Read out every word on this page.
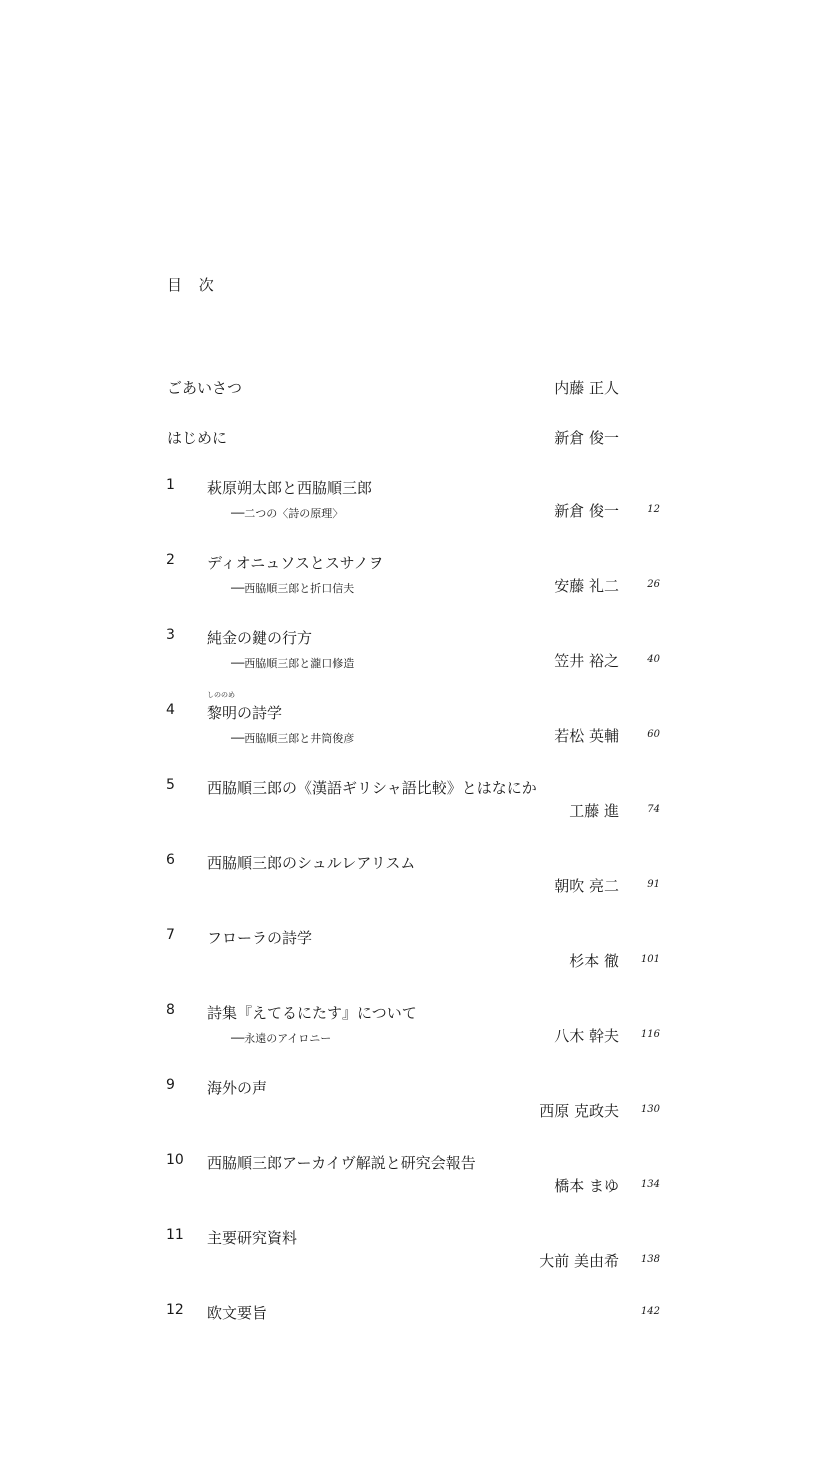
目 次
ごあいさつ	内藤 正人
はじめに	新倉 俊一
1 萩原朔太郎と西脇順三郎
──二つの〈詩の原理〉	新倉 俊一	12
2 ディオニュソスとスサノヲ
──西脇順三郎と折口信夫	安藤 礼二	26
3 純金の鍵の行方
──西脇順三郎と瀧口修造	笠井 裕之	40
4
しののめ
黎明の詩学
──西脇順三郎と井筒俊彦	若松 英輔	60
5 西脇順三郎の《漢語ギリシャ語比較》とはなにか
工藤 進	74
6 西脇順三郎のシュルレアリスム
朝吹 亮二	91
7 フローラの詩学
杉本 徹	101
8 詩集『えてるにたす』について
──永遠のアイロニー	八木 幹夫	116
9 海外の声
西原 克政夫	130
10 西脇順三郎アーカイヴ解説と研究会報告
橋本 まゆ	134
11 主要研究資料
大前 美由希	138
12 欧文要旨	142
